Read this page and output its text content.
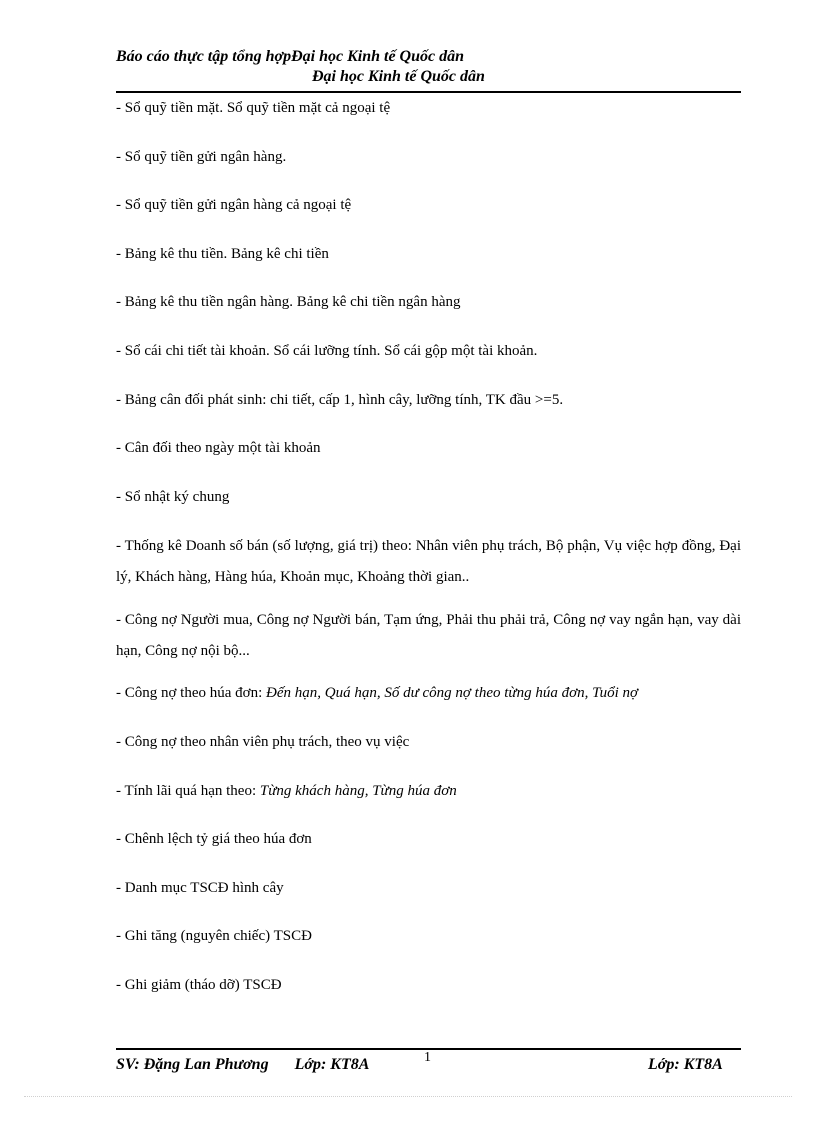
Báo cáo thực tập tổng hợpĐại học Kinh tế Quốc dân
Đại học Kinh tế Quốc dân

- Sổ quỹ tiền mặt. Sổ quỹ tiền mặt cả ngoại tệ

- Sổ quỹ tiền gửi ngân hàng.

- Sổ quỹ tiền gửi ngân hàng cả ngoại tệ

- Bảng kê thu tiền. Bảng kê chi tiền

- Bảng kê thu tiền ngân hàng. Bảng kê chi tiền ngân hàng

- Sổ cái chi tiết tài khoản. Sổ cái lưỡng tính. Sổ cái gộp một tài khoản.

- Bảng cân đối phát sinh: chi tiết, cấp 1, hình cây, lưỡng tính, TK đầu >=5.

- Cân đối theo ngày một tài khoản

- Sổ nhật ký chung

- Thống kê Doanh số bán (số lượng, giá trị) theo: Nhân viên phụ trách, Bộ phận, Vụ việc hợp đồng, Đại lý, Khách hàng, Hàng húa, Khoản mục, Khoảng thời gian..

- Công nợ Người mua, Công nợ Người bán, Tạm ứng, Phải thu phải trả, Công nợ vay ngắn hạn, vay dài hạn, Công nợ nội bộ...

- Công nợ theo húa đơn: Đến hạn, Quá hạn, Số dư công nợ theo từng húa đơn, Tuổi nợ

- Công nợ theo nhân viên phụ trách, theo vụ việc

- Tính lãi quá hạn theo: Từng khách hàng, Từng húa đơn

- Chênh lệch tỷ giá theo húa đơn

- Danh mục TSCĐ hình cây

- Ghi tăng (nguyên chiếc) TSCĐ

- Ghi giảm (tháo dỡ) TSCĐ

SV: Đặng Lan Phương Lớp: KT8A	1	Lớp: KT8A
